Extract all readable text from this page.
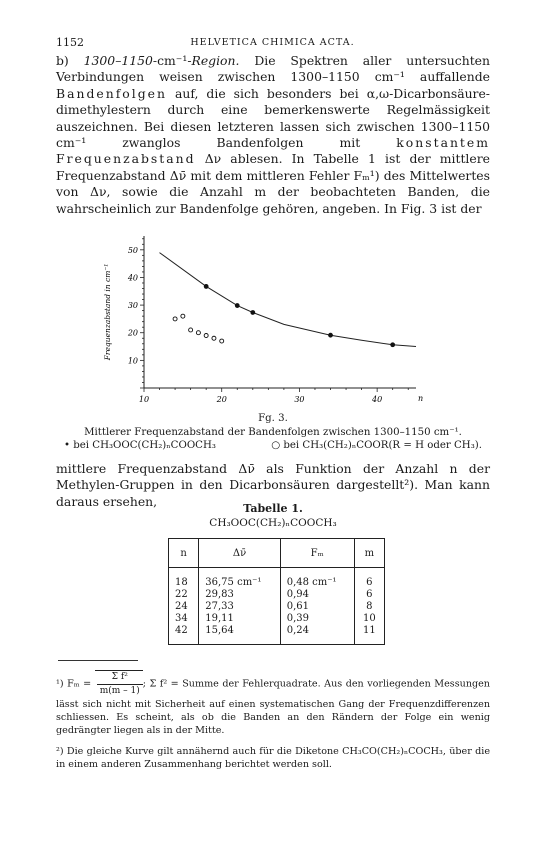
1152	HELVETICA CHIMICA ACTA.

b) 1300–1150-cm⁻¹-Region. Die Spektren aller untersuchten Verbindungen weisen zwischen 1300–1150 cm⁻¹ auffallende Bandenfolgen auf, die sich besonders bei α,ω-Dicarbonsäure-dimethylestern durch eine bemerkenswerte Regelmässigkeit auszeichnen. Bei diesen letzteren lassen sich zwischen 1300–1150 cm⁻¹ zwanglos Bandenfolgen mit konstantem Frequenzabstand Δν ablesen. In Tabelle 1 ist der mittlere Frequenzabstand Δν̄ mit dem mittleren Fehler Fₘ¹) des Mittelwertes von Δν, sowie die Anzahl m der beobachteten Banden, die wahrscheinlich zur Bandenfolge gehören, angeben. In Fig. 3 ist der

10	20	30	40
10
20
30
40
50
n
Frequenzabstand in cm⁻¹
Fg. 3.
Mittlerer Frequenzabstand der Bandenfolgen zwischen 1300–1150 cm⁻¹.
• bei CH₃OOC(CH₂)ₙCOOCH₃	○ bei CH₃(CH₂)ₙCOOR(R = H oder CH₃).

mittlere Frequenzabstand Δν̄ als Funktion der Anzahl n der Methylen-Gruppen in den Dicarbonsäuren dargestellt²). Man kann daraus ersehen,	Tabelle 1.
CH₃OOC(CH₂)ₙCOOCH₃
n	Δν̄	Fₘ	m
18	36,75 cm⁻¹	0,48 cm⁻¹	6
22	29,83	0,94	6
24	27,33	0,61	8
34	19,11	0,39	10
42	15,64	0,24	11
¹) $F_m = \frac{\text{Σ f²}}{m(m - 1)}$ ; Σ f² = Summe der Fehlerquadrate. Aus den vorliegenden Messungen lässt sich nicht mit Sicherheit auf einen systematischen Gang der Frequenzdifferenzen schliessen. Es scheint, als ob die Banden an den Rändern der Folge ein wenig gedrängter liegen als in der Mitte.
²) Die gleiche Kurve gilt annähernd auch für die Diketone CH₃CO(CH₂)ₙCOCH₃, über die in einem anderen Zusammenhang berichtet werden soll.
